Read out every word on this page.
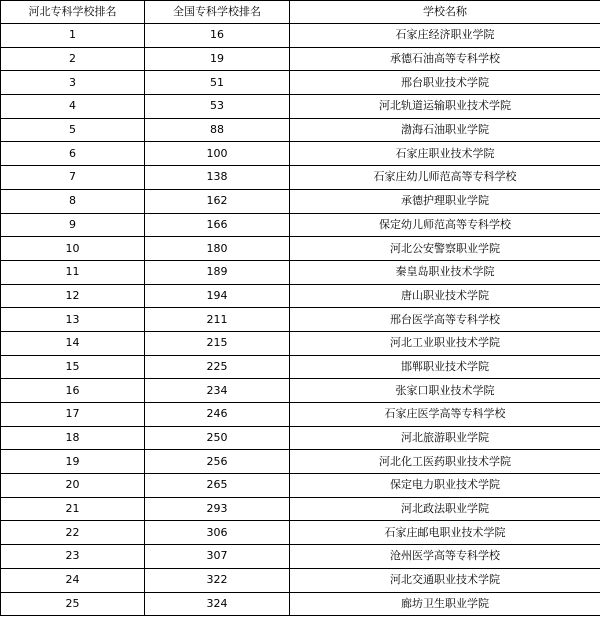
河北专科学校排名	全国专科学校排名	学校名称
1	16	石家庄经济职业学院
2	19	承德石油高等专科学校
3	51	邢台职业技术学院
4	53	河北轨道运输职业技术学院
5	88	渤海石油职业学院
6	100	石家庄职业技术学院
7	138	石家庄幼儿师范高等专科学校
8	162	承德护理职业学院
9	166	保定幼儿师范高等专科学校
10	180	河北公安警察职业学院
11	189	秦皇岛职业技术学院
12	194	唐山职业技术学院
13	211	邢台医学高等专科学校
14	215	河北工业职业技术学院
15	225	邯郸职业技术学院
16	234	张家口职业技术学院
17	246	石家庄医学高等专科学校
18	250	河北旅游职业学院
19	256	河北化工医药职业技术学院
20	265	保定电力职业技术学院
21	293	河北政法职业学院
22	306	石家庄邮电职业技术学院
23	307	沧州医学高等专科学校
24	322	河北交通职业技术学院
25	324	廊坊卫生职业学院
